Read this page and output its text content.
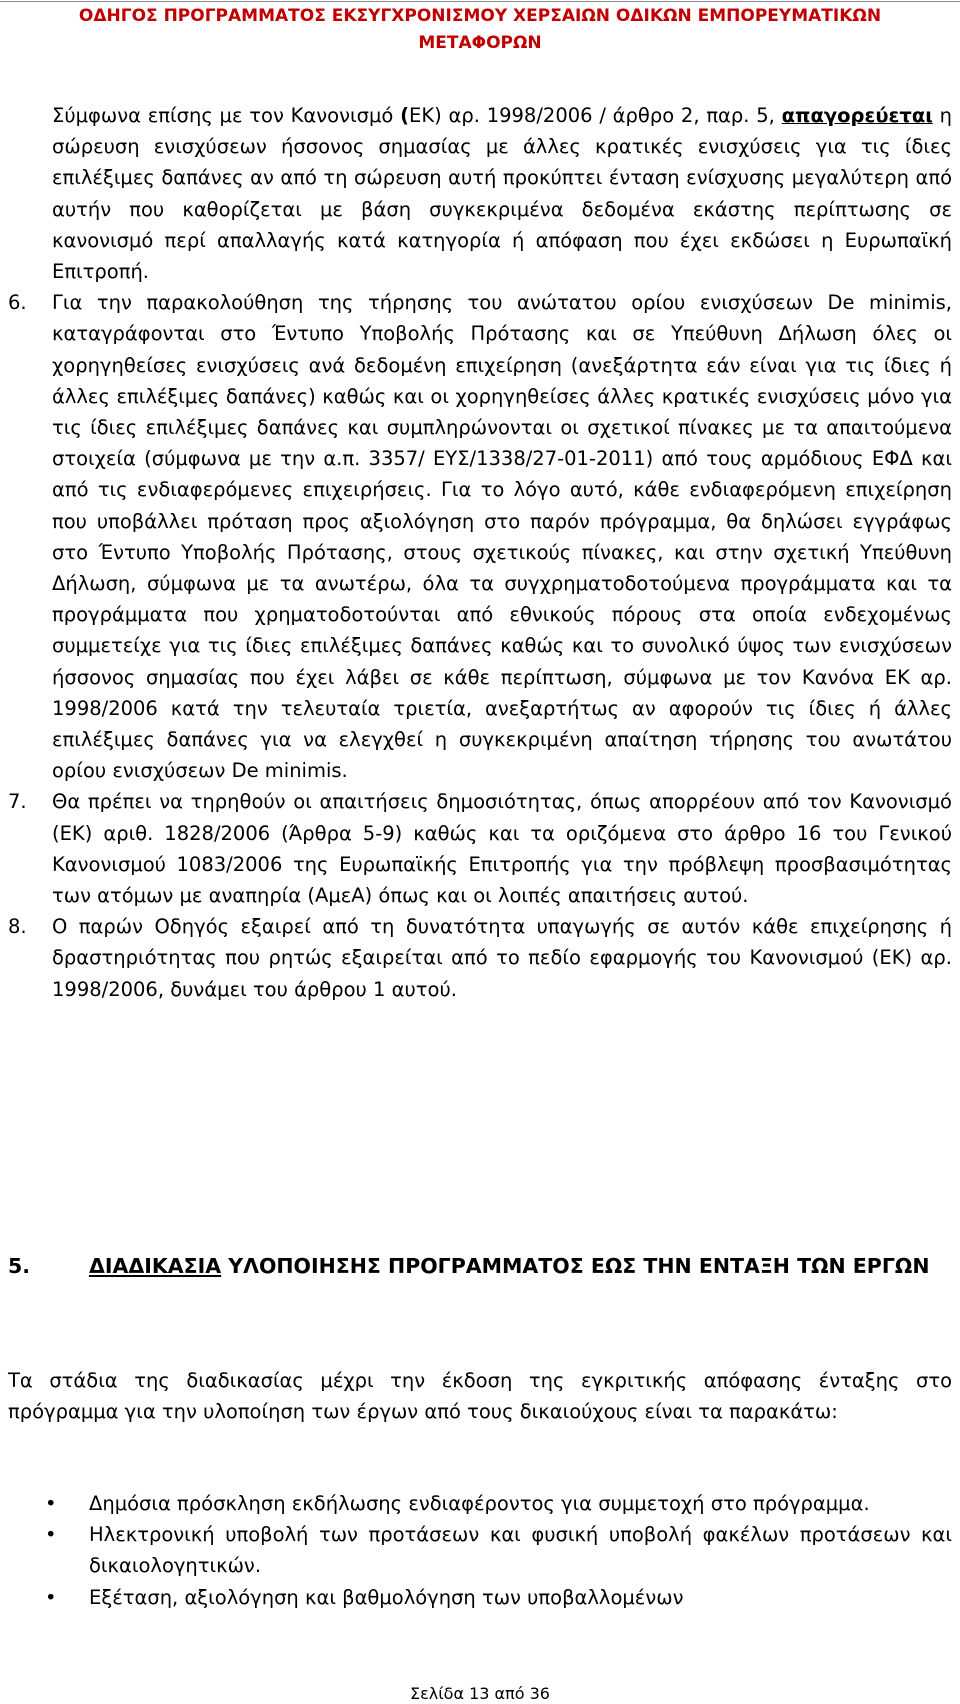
ΟΔΗΓΟΣ ΠΡΟΓΡΑΜΜΑΤΟΣ ΕΚΣΥΓΧΡΟΝΙΣΜΟΥ ΧΕΡΣΑΙΩΝ ΟΔΙΚΩΝ ΕΜΠΟΡΕΥΜΑΤΙΚΩΝ ΜΕΤΑΦΟΡΩΝ
Σύμφωνα επίσης με τον Κανονισμό (ΕΚ) αρ. 1998/2006 / άρθρο 2, παρ. 5, απαγορεύεται η σώρευση ενισχύσεων ήσσονος σημασίας με άλλες κρατικές ενισχύσεις για τις ίδιες επιλέξιμες δαπάνες αν από τη σώρευση αυτή προκύπτει ένταση ενίσχυσης μεγαλύτερη από αυτήν που καθορίζεται με βάση συγκεκριμένα δεδομένα εκάστης περίπτωσης σε κανονισμό περί απαλλαγής κατά κατηγορία ή απόφαση που έχει εκδώσει η Ευρωπαϊκή Επιτροπή.
6.	Για την παρακολούθηση της τήρησης του ανώτατου ορίου ενισχύσεων De minimis, καταγράφονται στο Έντυπο Υποβολής Πρότασης και σε Υπεύθυνη Δήλωση όλες οι χορηγηθείσες ενισχύσεις ανά δεδομένη επιχείρηση (ανεξάρτητα εάν είναι για τις ίδιες ή άλλες επιλέξιμες δαπάνες) καθώς και οι χορηγηθείσες άλλες κρατικές ενισχύσεις μόνο για τις ίδιες επιλέξιμες δαπάνες και συμπληρώνονται οι σχετικοί πίνακες με τα απαιτούμενα στοιχεία (σύμφωνα με την α.π. 3357/ ΕΥΣ/1338/27-01-2011) από τους αρμόδιους ΕΦΔ και από τις ενδιαφερόμενες επιχειρήσεις. Για το λόγο αυτό, κάθε ενδιαφερόμενη επιχείρηση που υποβάλλει πρόταση προς αξιολόγηση στο παρόν πρόγραμμα, θα δηλώσει εγγράφως στο Έντυπο Υποβολής Πρότασης, στους σχετικούς πίνακες, και στην σχετική Υπεύθυνη Δήλωση, σύμφωνα με τα ανωτέρω, όλα τα συγχρηματοδοτούμενα προγράμματα και τα προγράμματα που χρηματοδοτούνται από εθνικούς πόρους στα οποία ενδεχομένως συμμετείχε για τις ίδιες επιλέξιμες δαπάνες καθώς και το συνολικό ύψος των ενισχύσεων ήσσονος σημασίας που έχει λάβει σε κάθε περίπτωση, σύμφωνα με τον Κανόνα ΕΚ αρ. 1998/2006 κατά την τελευταία τριετία, ανεξαρτήτως αν αφορούν τις ίδιες ή άλλες επιλέξιμες δαπάνες για να ελεγχθεί η συγκεκριμένη απαίτηση τήρησης του ανωτάτου ορίου ενισχύσεων De minimis.
7.	Θα πρέπει να τηρηθούν οι απαιτήσεις δημοσιότητας, όπως απορρέουν από τον Κανονισμό (ΕΚ) αριθ. 1828/2006 (Άρθρα 5-9) καθώς και τα οριζόμενα στο άρθρο 16 του Γενικού Κανονισμού 1083/2006 της Ευρωπαϊκής Επιτροπής για την πρόβλεψη προσβασιμότητας των ατόμων με αναπηρία (ΑμεΑ) όπως και οι λοιπές απαιτήσεις αυτού.
8.	Ο παρών Οδηγός εξαιρεί από τη δυνατότητα υπαγωγής σε αυτόν κάθε επιχείρησης ή δραστηριότητας που ρητώς εξαιρείται από το πεδίο εφαρμογής του Κανονισμού (ΕΚ) αρ. 1998/2006, δυνάμει του άρθρου 1 αυτού.
5.	ΔΙΑΔΙΚΑΣΙΑ ΥΛΟΠΟΙΗΣΗΣ ΠΡΟΓΡΑΜΜΑΤΟΣ ΕΩΣ ΤΗΝ ΕΝΤΑΞΗ ΤΩΝ ΕΡΓΩΝ
Τα στάδια της διαδικασίας μέχρι την έκδοση της εγκριτικής απόφασης ένταξης στο πρόγραμμα για την υλοποίηση των έργων από τους δικαιούχους είναι τα παρακάτω:
•	Δημόσια πρόσκληση εκδήλωσης ενδιαφέροντος για συμμετοχή στο πρόγραμμα.
•	Ηλεκτρονική υποβολή των προτάσεων και φυσική υποβολή φακέλων προτάσεων και δικαιολογητικών.
•	Εξέταση, αξιολόγηση και βαθμολόγηση των υποβαλλομένων
Σελίδα 13 από 36
